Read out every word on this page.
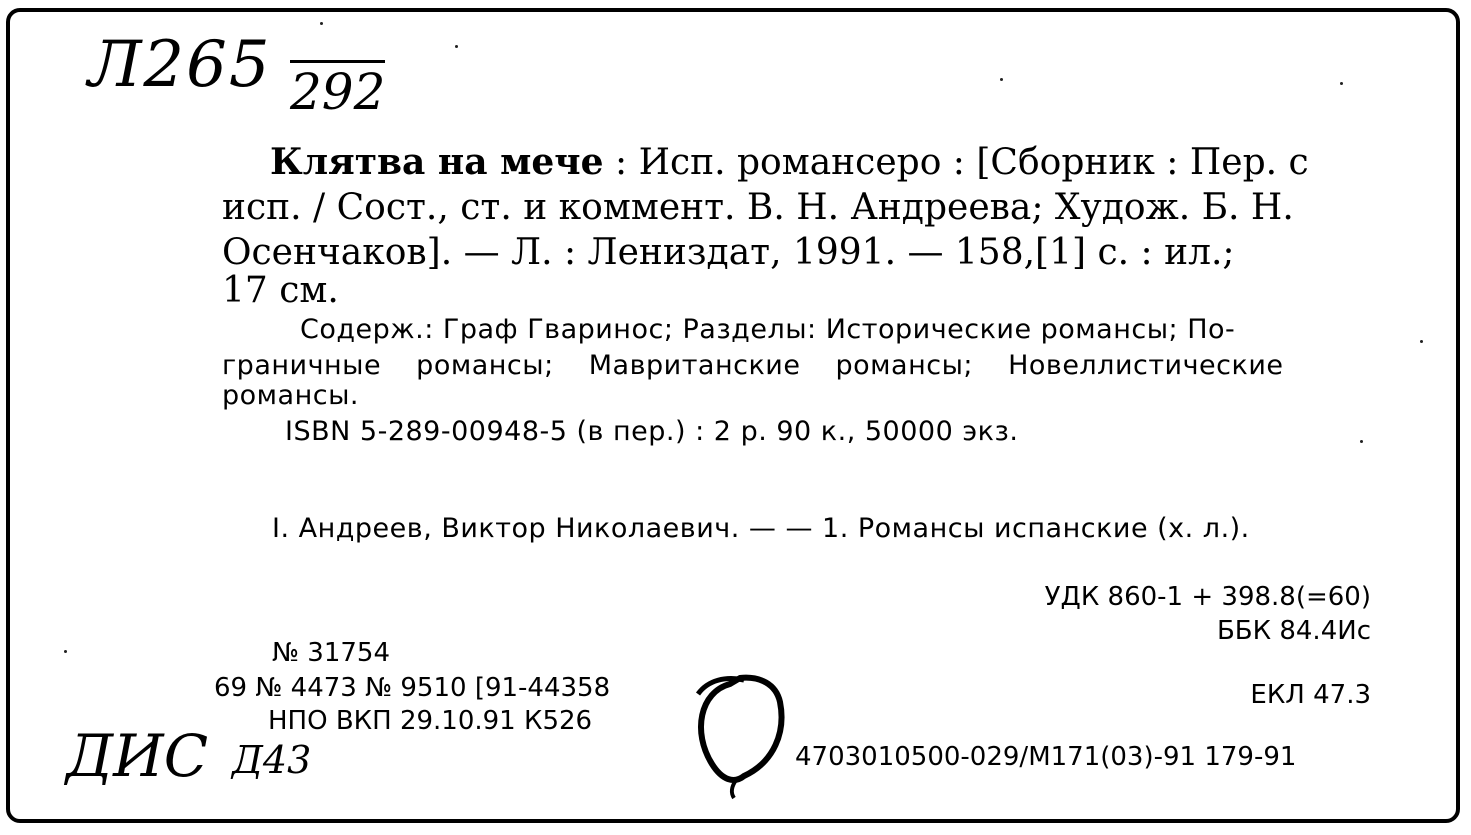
Л265 292
Клятва на мече : Исп. романсеро : [Сборник : Пер. с
исп. / Сост., ст. и коммент. В. Н. Андреева; Худож. Б. Н.
Осенчаков]. — Л. : Лениздат, 1991. — 158,[1] с. : ил.;
17 см.
Содерж.: Граф Гваринос; Разделы: Исторические романсы; По-
граничные романсы; Мавританские романсы; Новеллистические
романсы.
ISBN 5-289-00948-5 (в пер.) : 2 р. 90 к., 50000 экз.
I. Андреев, Виктор Николаевич. — — 1. Романсы испанские (х. л.).
УДК 860-1 + 398.8(=60)
ББК 84.4Ис
ЕКЛ 47.3
4703010500-029/М171(03)-91 179-91
№ 31754
69 № 4473 № 9510 [91-44358
НПО ВКП 29.10.91 К526
ДИС Д43
